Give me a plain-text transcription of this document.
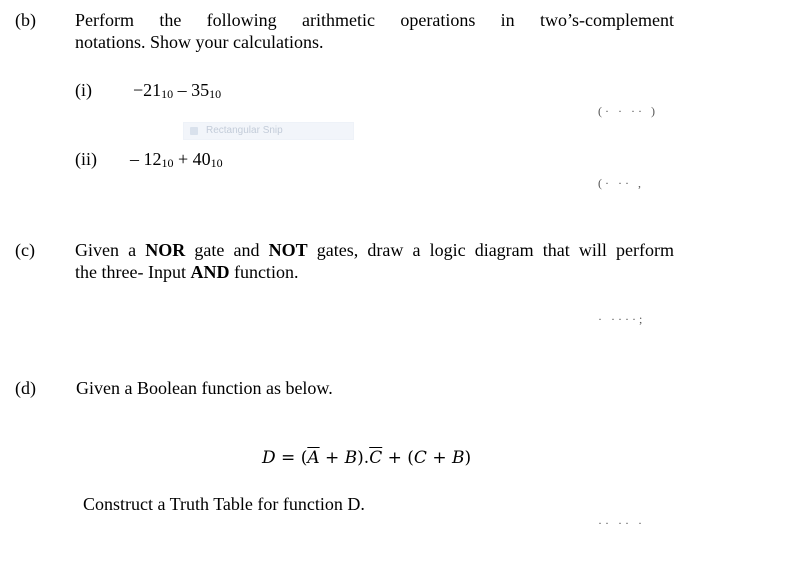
(b) Perform the following arithmetic operations in two’s-complement
notations. Show your calculations.
(i) −2110 – 3510
(ii) – 1210 + 4010
(· · ·· )
(· ·· ,
Rectangular Snip
(c) Given a NOR gate and NOT gates, draw a logic diagram that will perform
the three- Input AND function.
· ····;
(d) Given a Boolean function as below.
$D = (\overline{A} + B).\overline{C} + (C + B)$
Construct a Truth Table for function D.
·· ·· ·
